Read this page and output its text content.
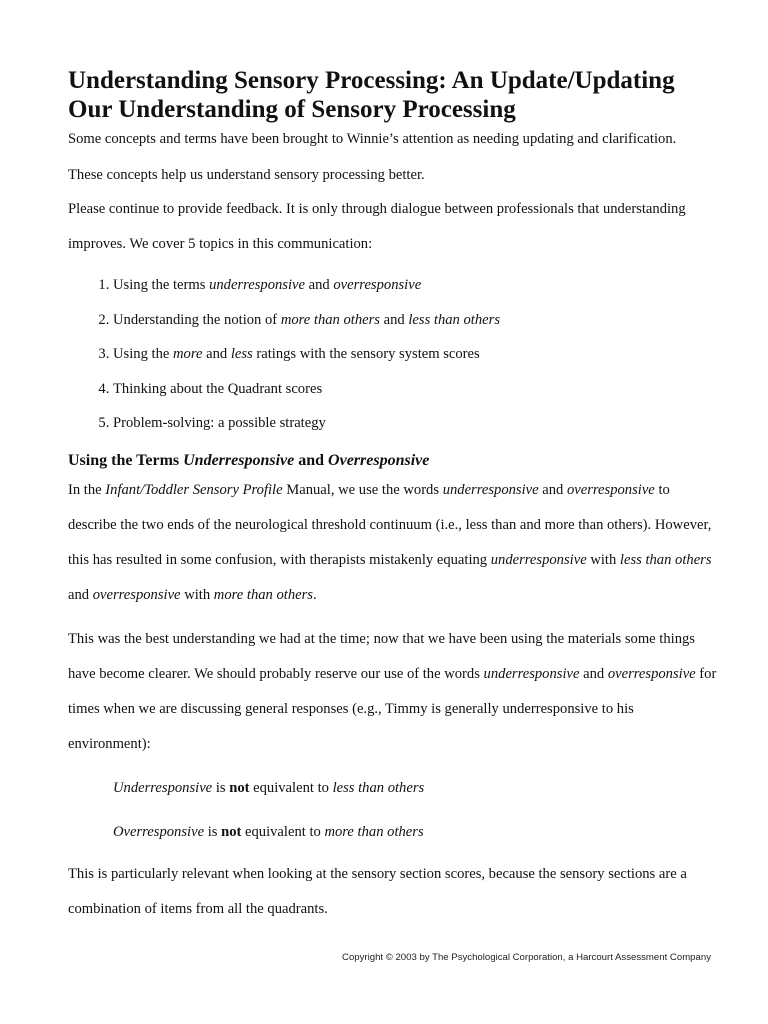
Understanding Sensory Processing: An Update/Updating Our Understanding of Sensory Processing

Some concepts and terms have been brought to Winnie’s attention as needing updating and clarification.

These concepts help us understand sensory processing better.

Please continue to provide feedback. It is only through dialogue between professionals that understanding improves. We cover 5 topics in this communication:

1. Using the terms underresponsive and overresponsive
2. Understanding the notion of more than others and less than others
3. Using the more and less ratings with the sensory system scores
4. Thinking about the Quadrant scores
5. Problem-solving: a possible strategy
Using the Terms Underresponsive and Overresponsive

In the Infant/Toddler Sensory Profile Manual, we use the words underresponsive and overresponsive to describe the two ends of the neurological threshold continuum (i.e., less than and more than others). However, this has resulted in some confusion, with therapists mistakenly equating underresponsive with less than others and overresponsive with more than others.

This was the best understanding we had at the time; now that we have been using the materials some things have become clearer. We should probably reserve our use of the words underresponsive and overresponsive for times when we are discussing general responses (e.g., Timmy is generally underresponsive to his environment):

Underresponsive is not equivalent to less than others

Overresponsive is not equivalent to more than others

This is particularly relevant when looking at the sensory section scores, because the sensory sections are a combination of items from all the quadrants.

Copyright © 2003 by The Psychological Corporation, a Harcourt Assessment Company
